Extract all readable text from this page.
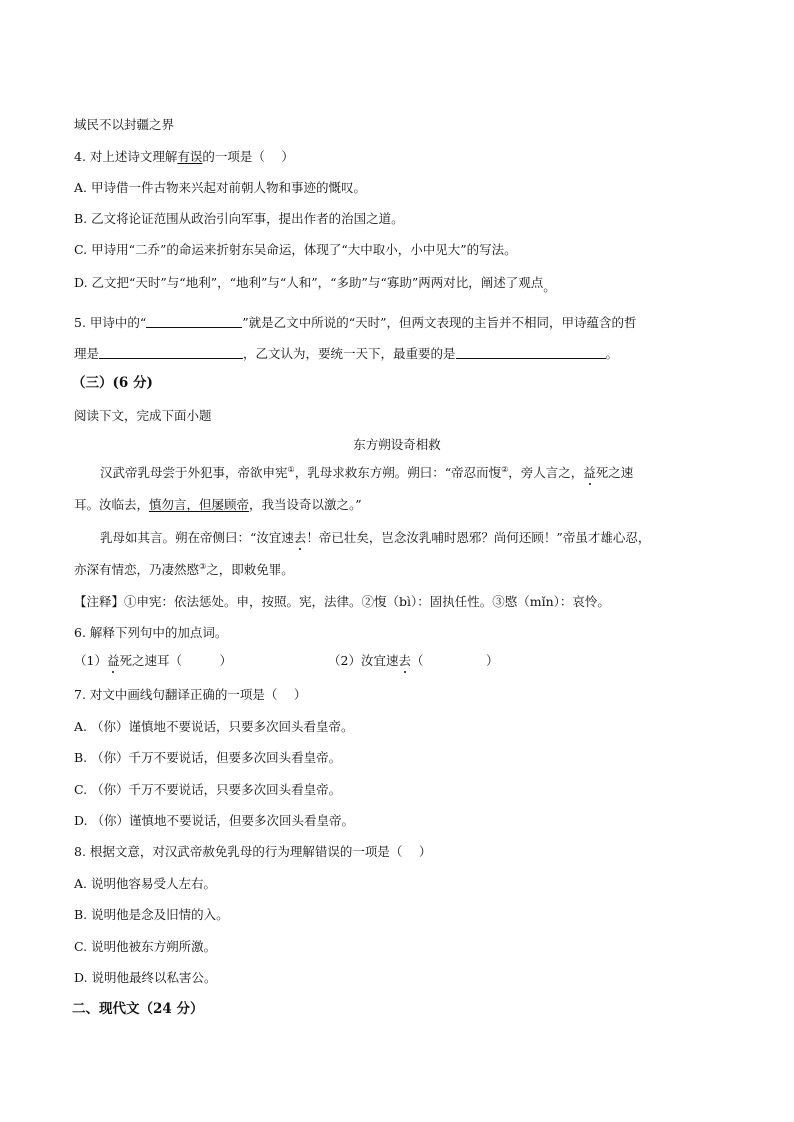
域民不以封疆之界
4. 对上述诗文理解有误的一项是（　 ）
A. 甲诗借一件古物来兴起对前朝人物和事迹的慨叹。
B. 乙文将论证范围从政治引向军事，提出作者的治国之道。
C. 甲诗用“二乔”的命运来折射东吴命运，体现了“大中取小，小中见大”的写法。
D. 乙文把“天时”与“地利”，“地利”与“人和”，“多助”与“寡助”两两对比，阐述了观点。
5. 甲诗中的“	”就是乙文中所说的“天时”，但两文表现的主旨并不相同，甲诗蕴含的哲
理是	，乙文认为，要统一天下，最重要的是	。
（三）(6 分)
阅读下文，完成下面小题
东方朔设奇相救
汉武帝乳母尝于外犯事，帝欲申宪①，乳母求救东方朔。朔曰：“帝忍而愎②，旁人言之，益死之速
耳。汝临去，慎勿言，但屡顾帝，我当设奇以激之。”
乳母如其言。朔在帝侧曰：“汝宜速去！帝已壮矣，岂念汝乳哺时恩邪？尚何还顾！”帝虽才雄心忍，
亦深有情恋，乃凄然愍③之，即敕免罪。
【注释】①申宪：依法惩处。申，按照。宪，法律。②愎（bì）：固执任性。③愍（mǐn）：哀怜。
6. 解释下列句中的加点词。
（1）益死之速耳（　　　）	（2）汝宜速去（　　　　　）
7. 对文中画线句翻译正确的一项是（　 ）
A. （你）谨慎地不要说话，只要多次回头看皇帝。
B. （你）千万不要说话，但要多次回头看皇帝。
C. （你）千万不要说话，只要多次回头看皇帝。
D. （你）谨慎地不要说话，但要多次回头看皇帝。
8. 根据文意，对汉武帝赦免乳母的行为理解错误的一项是（　 ）
A. 说明他容易受人左右。
B. 说明他是念及旧情的入。
C. 说明他被东方朔所激。
D. 说明他最终以私害公。
二、现代文（24 分）
